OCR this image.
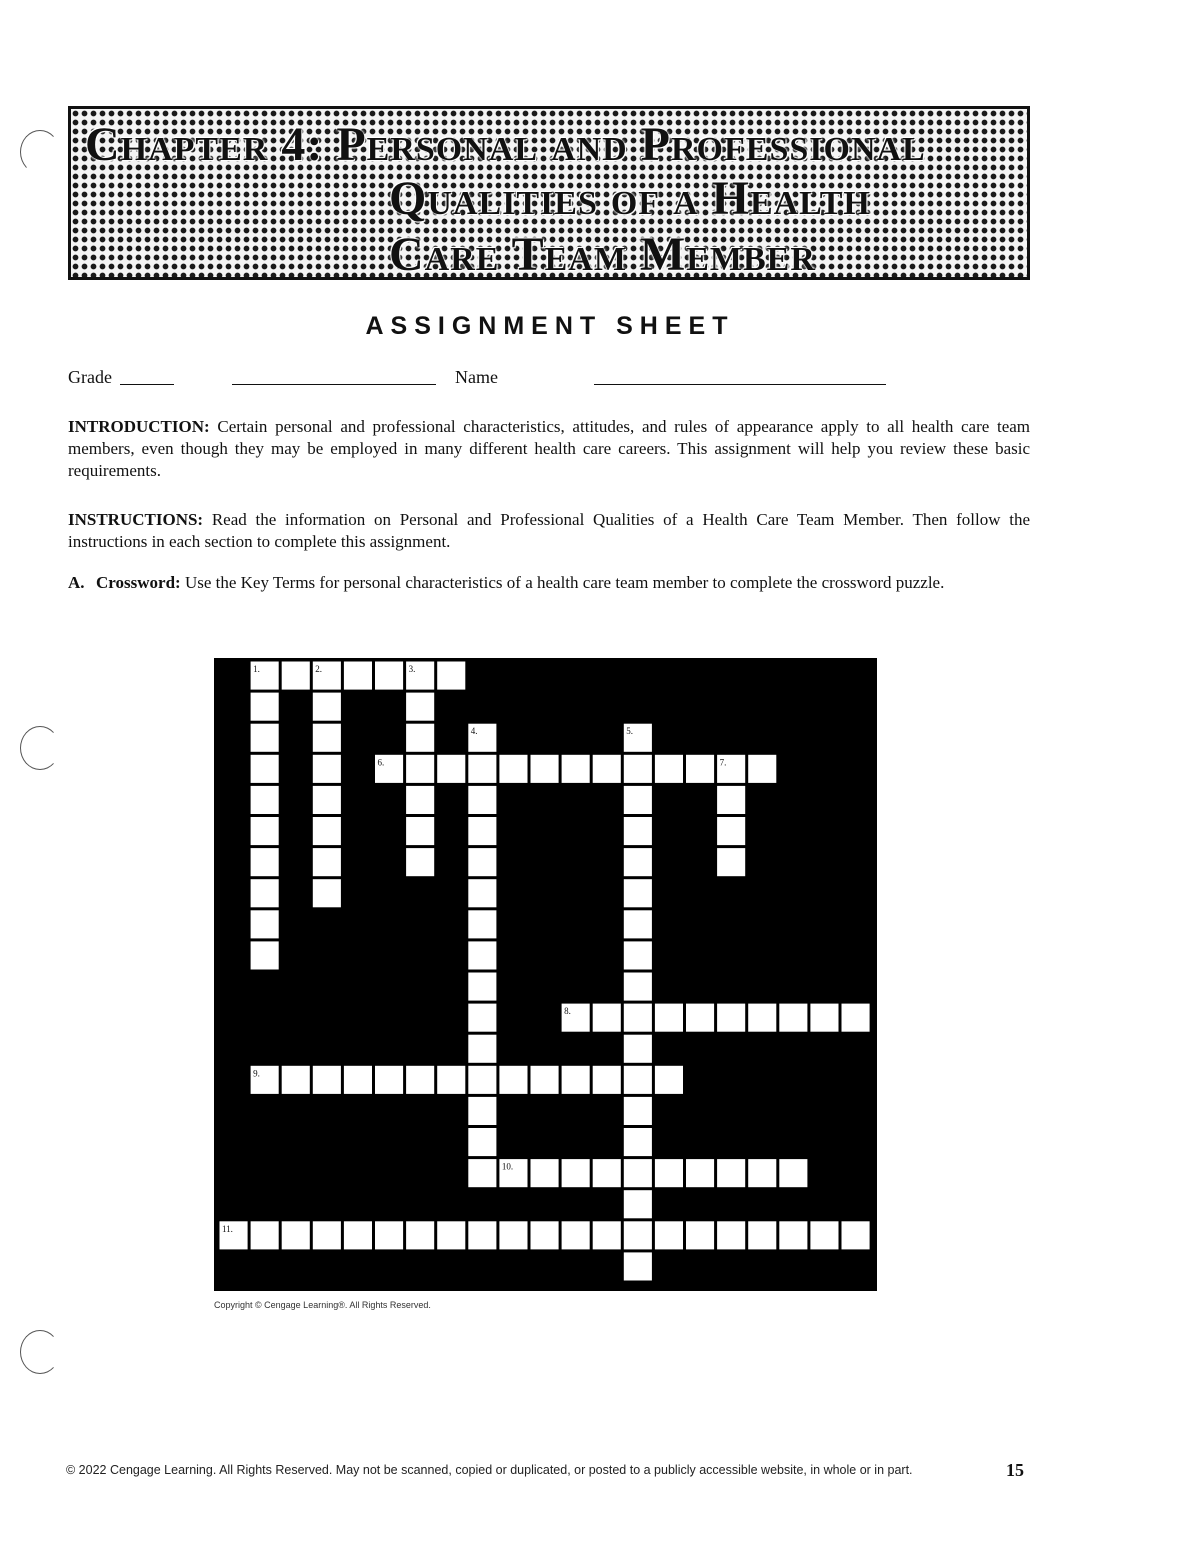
Chapter 4: Personal and Professional
Qualities of a Health
Care Team Member
ASSIGNMENT SHEET
Grade	Name

INTRODUCTION: Certain personal and professional characteristics, attitudes, and rules of appearance apply to all health care team members, even though they may be employed in many different health care careers. This assignment will help you review these basic requirements.

INSTRUCTIONS: Read the information on Personal and Professional Qualities of a Health Care Team Member. Then follow the instructions in each section to complete this assignment.

A. Crossword: Use the Key Terms for personal characteristics of a health care team member to complete the crossword puzzle.
1.	2.	3.
4.	5.
6.	7.
8.
9.
10.
11.
Copyright © Cengage Learning®. All Rights Reserved.
© 2022 Cengage Learning. All Rights Reserved. May not be scanned, copied or duplicated, or posted to a publicly accessible website, in whole or in part.	15
